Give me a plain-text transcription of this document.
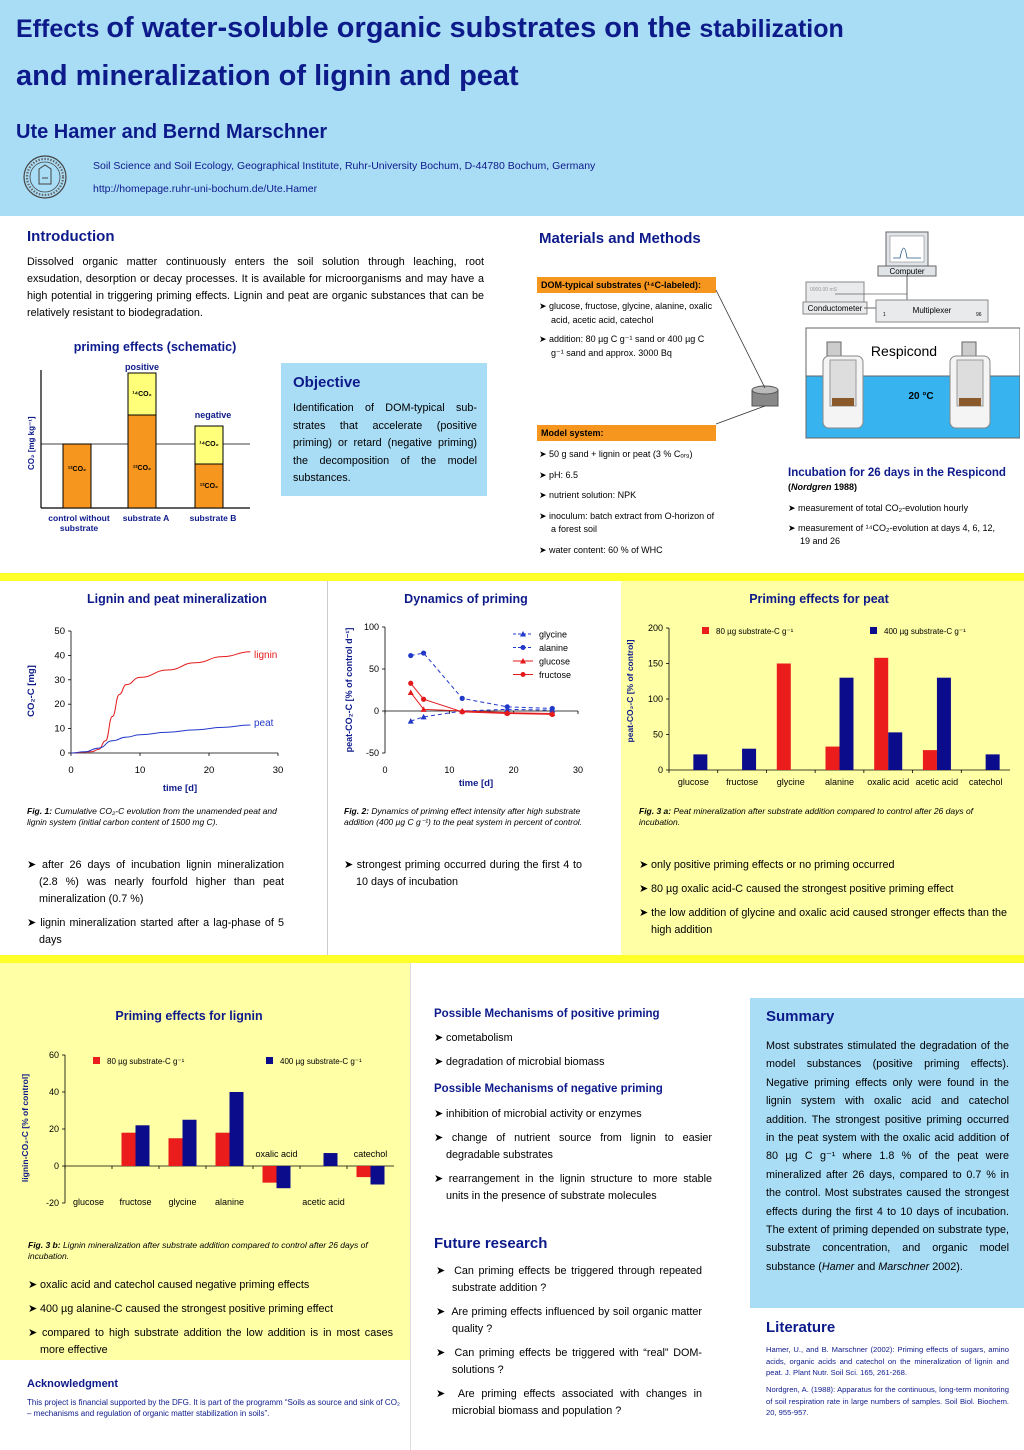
Effects of water-soluble organic substrates on the stabilization
and mineralization of lignin and peat
Ute Hamer and Bernd Marschner
Soil Science and Soil Ecology, Geographical Institute, Ruhr-University Bochum, D-44780 Bochum, Germany
http://homepage.ruhr-uni-bochum.de/Ute.Hamer
Introduction
Dissolved organic matter continuously enters the soil solution through leaching, root exsudation, desorption or decay processes. It is available for microorganisms and may have a high potential in triggering priming effects. Lignin and peat are organic substances that can be relatively resistant to biodegradation.
priming effects (schematic)
¹²CO₂	¹²CO₂
¹⁴CO₂
¹²CO₂
¹⁴CO₂
positive
negative
CO₂ [mg kg⁻¹]
control without
substrate
substrate A substrate B
Objective
Identification of DOM-typical sub-strates that accelerate (positive priming) or retard (negative priming) the decomposition of the model substances.
Materials and Methods
DOM-typical substrates (¹⁴C-labeled):
➤ glucose, fructose, glycine, alanine, oxalic acid, acetic acid, catechol
➤ addition: 80 µg C g⁻¹ sand or 400 µg C g⁻¹ sand and approx. 3000 Bq
Model system:
➤ 50 g sand + lignin or peat (3 % Cₒᵣ₉)
➤ pH: 6.5
➤ nutrient solution: NPK
➤ inoculum: batch extract from O-horizon of a forest soil
➤ water content: 60 % of WHC
Computer
0000.00 mS
Conductometer	Multiplexer
1	96
Respicond
20 °C
Incubation for 26 days in the Respicond
(Nordgren 1988)
➤ measurement of total CO₂-evolution hourly
➤ measurement of ¹⁴CO₂-evolution at days 4, 6, 12, 19 and 26
Lignin and peat mineralization
CO₂-C [mg]
time [d]
lignin
peat
0
10
20
30
40
50
0	10	20	30
Fig. 1: Cumulative CO₂-C evolution from the unamended peat and lignin system (initial carbon content of 1500 mg C).
➤ after 26 days of incubation lignin mineralization (2.8 %) was nearly fourfold higher than peat mineralization (0.7 %)
➤ lignin mineralization started after a lag-phase of 5 days
Dynamics of priming
peat-CO₂-C [% of control d⁻¹]
time [d]
-50
0
50
100
0	10	20	30
glycine
alanine
glucose
fructose
Fig. 2: Dynamics of priming effect intensity after high substrate addition (400 µg C g⁻¹) to the peat system in percent of control.
➤ strongest priming occurred during the first 4 to 10 days of incubation
Priming effects for peat
peat-CO₂-C [% of control]
0
50
100
150
200
glucose fructose glycine alanine oxalic acid acetic acid catechol
80 µg substrate-C g⁻¹	400 µg substrate-C g⁻¹
Fig. 3 a: Peat mineralization after substrate addition compared to control after 26 days of incubation.
➤ only positive priming effects or no priming occurred
➤ 80 µg oxalic acid-C caused the strongest positive priming effect
➤ the low addition of glycine and oxalic acid caused stronger effects than the high addition
Priming effects for lignin
lignin-CO₂-C [% of control]
-20
0
20
40
60
glucose fructose glycine alanine
oxalic acid
acetic acid
catechol
80 µg substrate-C g⁻¹	400 µg substrate-C g⁻¹
Fig. 3 b: Lignin mineralization after substrate addition compared to control after 26 days of incubation.
➤ oxalic acid and catechol caused negative priming effects
➤ 400 µg alanine-C caused the strongest positive priming effect
➤ compared to high substrate addition the low addition is in most cases more effective
Acknowledgment
This project is financial supported by the DFG. It is part of the programm “Soils as source and sink of CO₂ – mechanisms and regulation of organic matter stabilization in soils”.
Possible Mechanisms of positive priming
➤ cometabolism
➤ degradation of microbial biomass
Possible Mechanisms of negative priming
➤ inhibition of microbial activity or enzymes
➤ change of nutrient source from lignin to easier degradable substrates
➤ rearrangement in the lignin structure to more stable units in the presence of substrate molecules
Future research
➤  Can priming effects be triggered through repeated substrate addition ?
➤  Are priming effects influenced by soil organic matter quality ?
➤  Can priming effects be triggered with “real” DOM-solutions ?
➤  Are priming effects associated with changes in microbial biomass and population ?
Summary
Most substrates stimulated the degradation of the model substances (positive priming effects). Negative priming effects only were found in the lignin system with oxalic acid and catechol addition. The strongest positive priming occurred in the peat system with the oxalic acid addition of 80 µg C g⁻¹ where 1.8 % of the peat were mineralized after 26 days, compared to 0.7 % in the control. Most substrates caused the strongest effects during the first 4 to 10 days of incubation. The extent of priming depended on substrate type, substrate concentration, and organic model substance (Hamer and Marschner 2002).
Literature
Hamer, U., and B. Marschner (2002): Priming effects of sugars, amino acids, organic acids and catechol on the mineralization of lignin and peat. J. Plant Nutr. Soil Sci. 165, 261-268.
Nordgren, A. (1988): Apparatus for the continuous, long-term monitoring of soil respiration rate in large numbers of samples. Soil Biol. Biochem. 20, 955-957.
